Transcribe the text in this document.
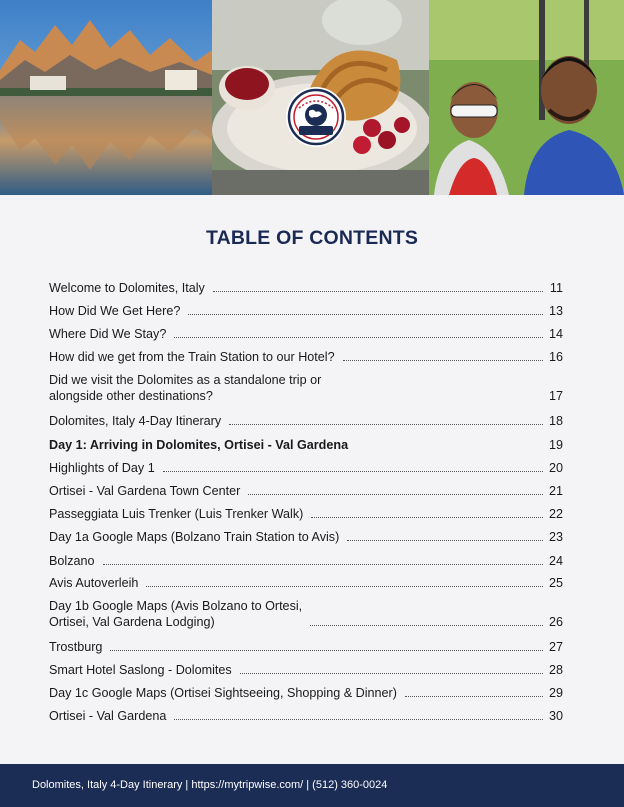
TABLE OF CONTENTS
Welcome to Dolomites, Italy	11
How Did We Get Here?	13
Where Did We Stay?	14
How did we get from the Train Station to our Hotel?	16
Did we visit the Dolomites as a standalone trip or
alongside other destinations?	17
Dolomites, Italy 4-Day Itinerary	18
Day 1: Arriving in Dolomites, Ortisei - Val Gardena	19
Highlights of Day 1	20
Ortisei - Val Gardena Town Center	21
Passeggiata Luis Trenker (Luis Trenker Walk)	22
Day 1a Google Maps (Bolzano Train Station to Avis)	23
Bolzano	24
Avis Autoverleih	25
Day 1b Google Maps (Avis Bolzano to Ortesi,
Ortisei, Val Gardena Lodging)	26
Trostburg	27
Smart Hotel Saslong - Dolomites	28
Day 1c Google Maps (Ortisei Sightseeing, Shopping & Dinner)	29
Ortisei - Val Gardena	30
Dolomites, Italy 4-Day Itinerary | https://mytripwise.com/ | (512) 360-0024
